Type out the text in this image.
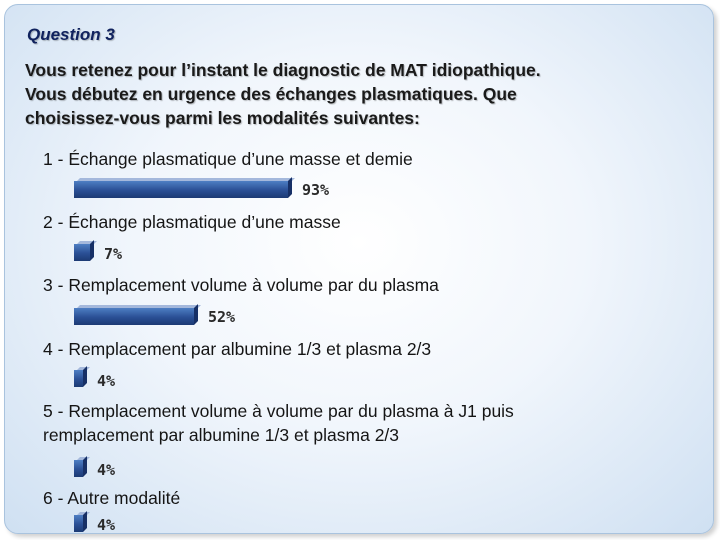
Question 3

Vous retenez pour l’instant le diagnostic de MAT idiopathique.
Vous débutez en urgence des échanges plasmatiques. Que
choisissez-vous parmi les modalités suivantes:
1 - Échange plasmatique d’une masse et demie
93%
2 - Échange plasmatique d’une masse
7%
3 - Remplacement volume à volume par du plasma
52%
4 - Remplacement par albumine 1/3 et plasma 2/3
4%
5 - Remplacement volume à volume par du plasma à J1 puis
remplacement par albumine 1/3 et plasma 2/3
4%
6 - Autre modalité
4%
